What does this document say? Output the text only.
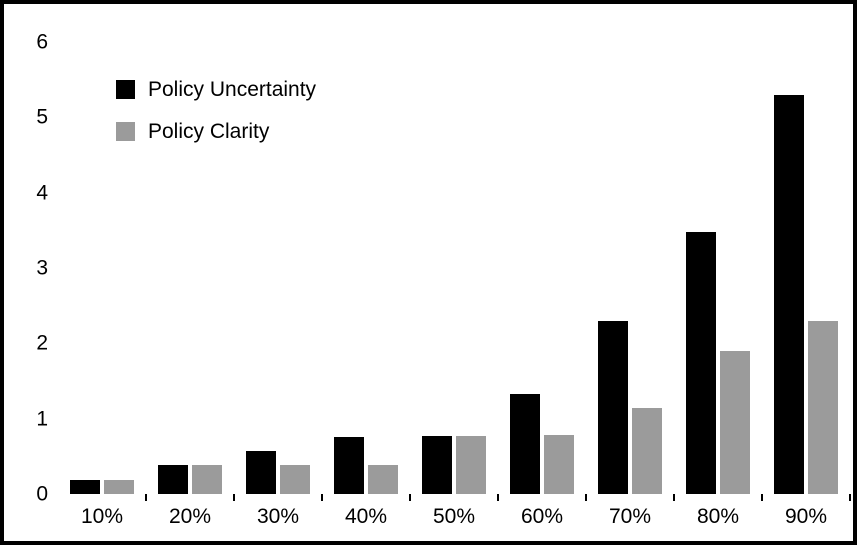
0
1
2
3
4
5
6
10% 20% 30% 40% 50% 60% 70% 80% 90%
Policy Uncertainty
Policy Clarity
